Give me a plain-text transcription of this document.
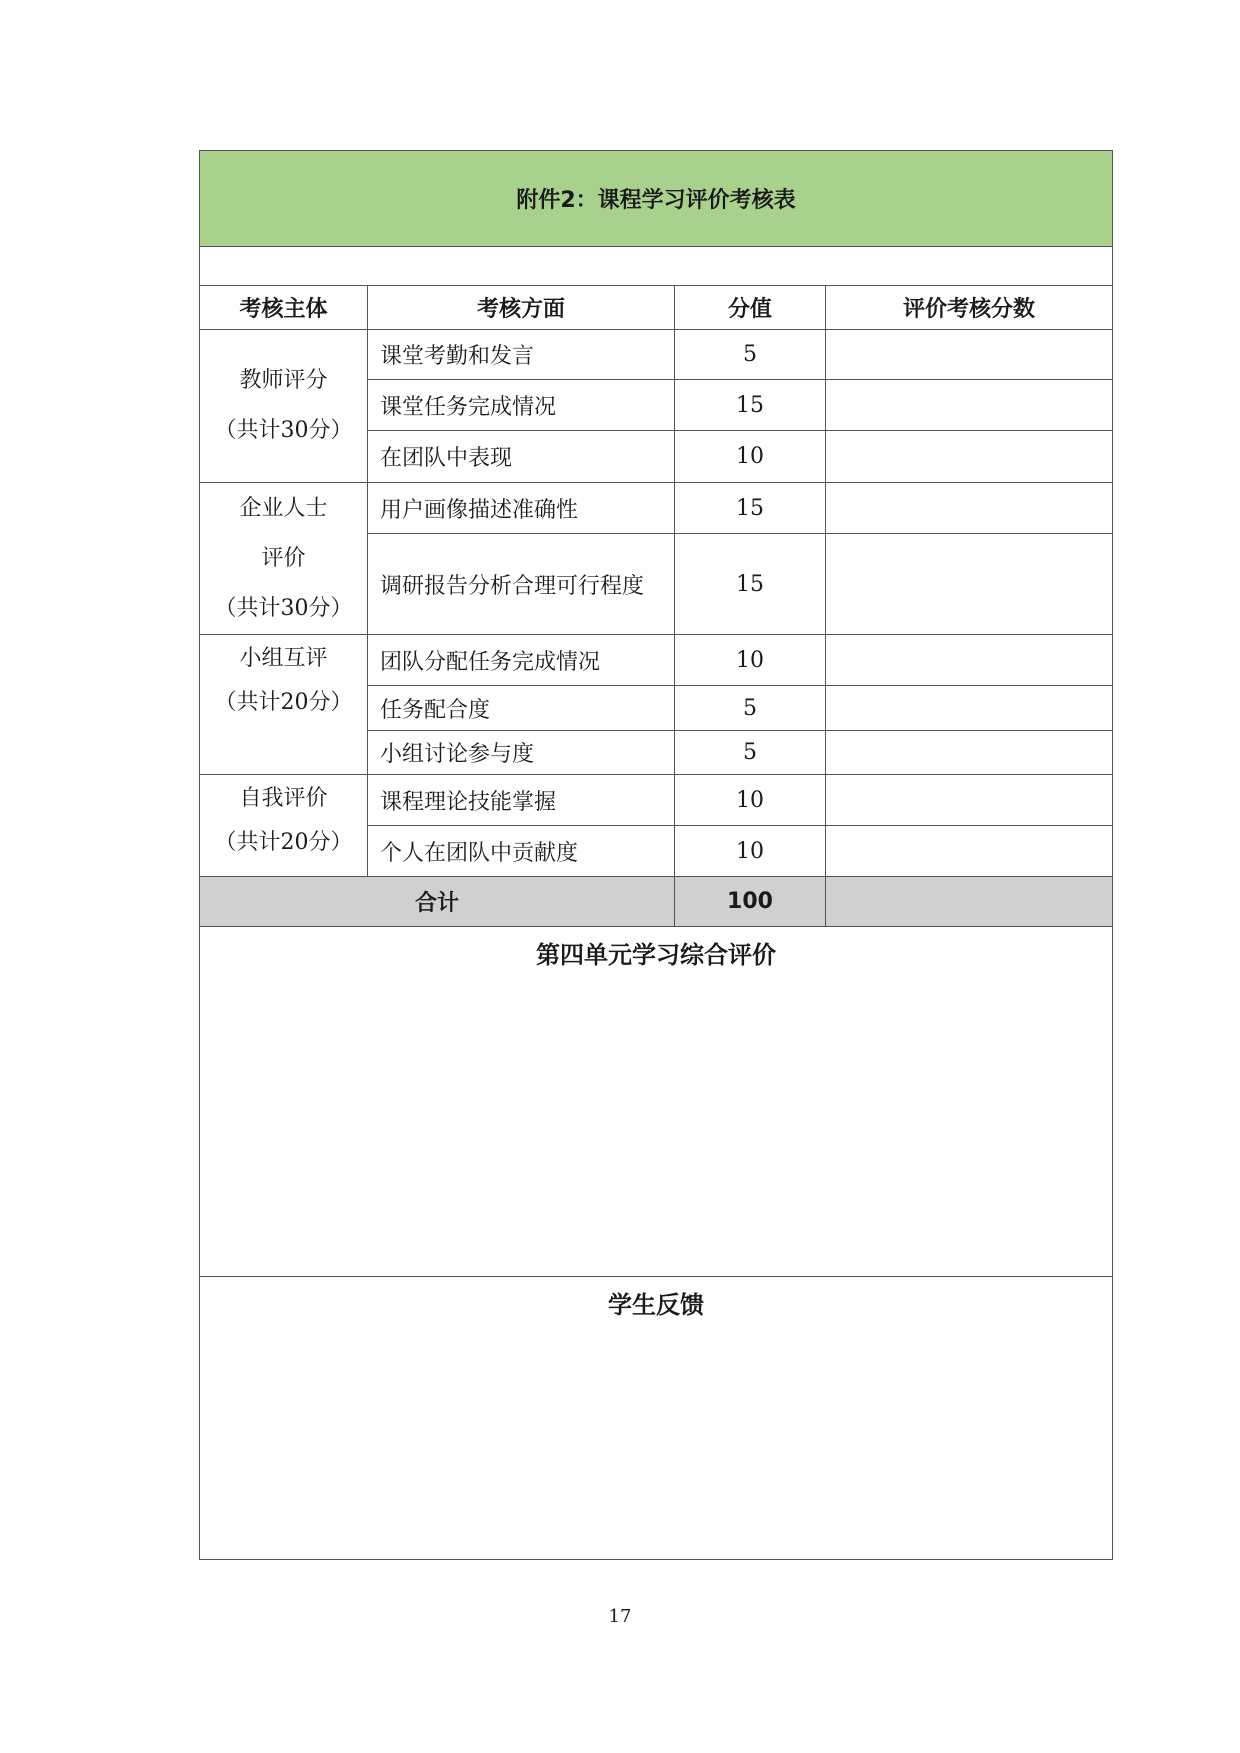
附件2：课程学习评价考核表			

考核主体	考核方面	分值	评价考核分数

教师评分
（共计30分）	课堂考勤和发言	5	
	课堂任务完成情况	15	
	在团队中表现	10	

企业人士
评价
（共计30分）	用户画像描述准确性	15	
	调研报告分析合理可行程度	15	

小组互评
（共计20分）	团队分配任务完成情况	10	
	任务配合度	5	
	小组讨论参与度	5	

自我评价
（共计20分）	课程理论技能掌握	10	
	个人在团队中贡献度	10	
合计		100	

第四单元学习综合评价			

学生反馈			
17
